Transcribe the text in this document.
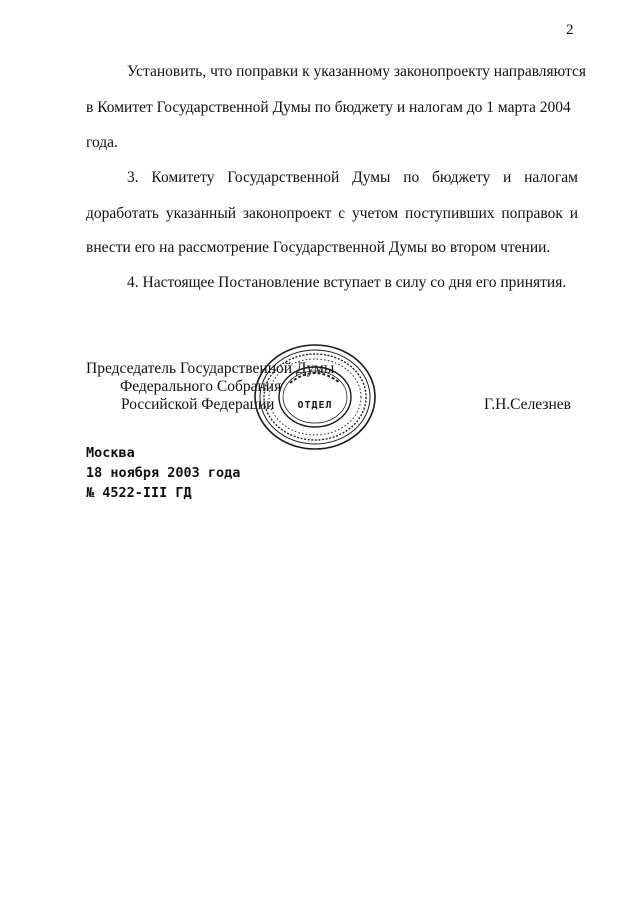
2
Установить, что поправки к указанному законопроекту направляются
в Комитет Государственной Думы по бюджету и налогам до 1 марта 2004
года.
3. Комитету Государственной Думы по бюджету и налогам
доработать указанный законопроект с учетом поступивших поправок и
внести его на рассмотрение Государственной Думы во втором чтении.
4. Настоящее Постановление вступает в силу со дня его принятия.
Председатель Государственной Думы
Федерального Собрания
Российской Федерации	Г.Н.Селезнев
ОТДЕЛ
Москва
18 ноября 2003 года
№ 4522-III ГД
